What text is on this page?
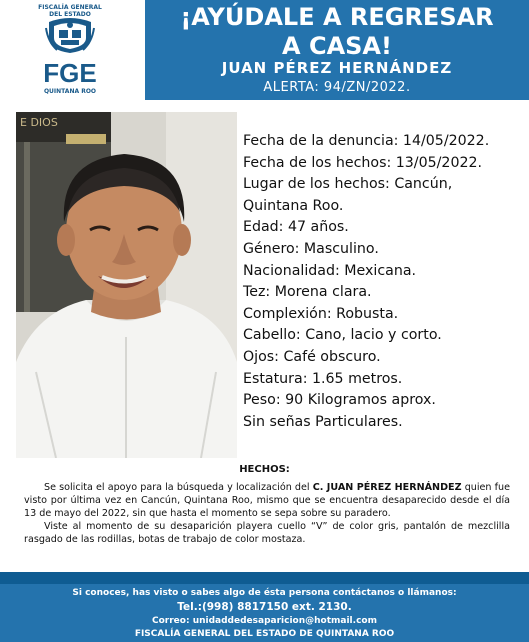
FISCALÍA GENERAL
DEL ESTADO
FGE
QUINTANA ROO
¡AYÚDALE A REGRESAR
A CASA!
JUAN PÉREZ HERNÁNDEZ
ALERTA: 94/ZN/2022.
E DIOS
Fecha de la denuncia: 14/05/2022.
Fecha de los hechos: 13/05/2022.
Lugar de los hechos: Cancún,
Quintana Roo.
Edad: 47 años.
Género: Masculino.
Nacionalidad: Mexicana.
Tez: Morena clara.
Complexión: Robusta.
Cabello: Cano, lacio y corto.
Ojos: Café obscuro.
Estatura: 1.65 metros.
Peso: 90 Kilogramos aprox.
Sin señas Particulares.
HECHOS:

Se solicita el apoyo para la búsqueda y localización del C. JUAN PÉREZ HERNÁNDEZ quien fue visto por última vez en Cancún, Quintana Roo, mismo que se encuentra desaparecido desde el día 13 de mayo del 2022, sin que hasta el momento se sepa sobre su paradero.

Viste al momento de su desaparición playera cuello “V” de color gris, pantalón de mezclilla rasgado de las rodillas, botas de trabajo de color mostaza.

Si conoces, has visto o sabes algo de ésta persona contáctanos o llámanos:
Tel.:(998) 8817150 ext. 2130.
Correo: unidaddedesaparicion@hotmail.com
FISCALÍA GENERAL DEL ESTADO DE QUINTANA ROO
